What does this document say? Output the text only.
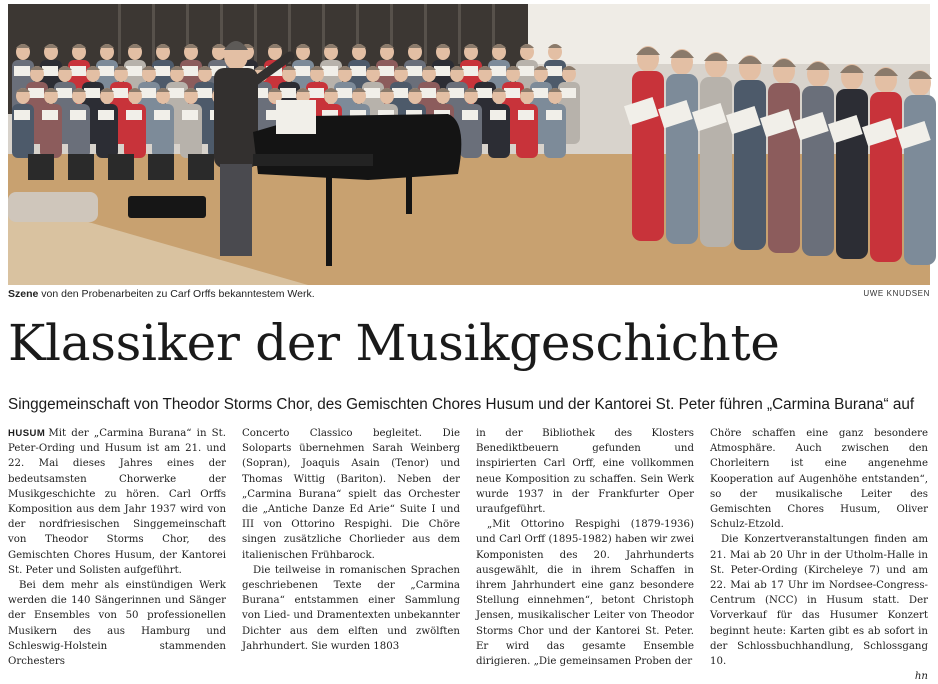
Szene von den Probenarbeiten zu Carf Orffs bekanntestem Werk.	UWE KNUDSEN
Klassiker der Musikgeschichte
Singgemeinschaft von Theodor Storms Chor, des Gemischten Chores Husum und der Kantorei St. Peter führen „Carmina Burana“ auf

HUSUM Mit der „Carmina Burana“ in St. Peter-Ording und Husum ist am 21. und 22. Mai dieses Jahres eines der bedeutsamsten Chorwerke der Musikgeschichte zu hören. Carl Orffs Komposition aus dem Jahr 1937 wird von der nordfriesischen Singgemeinschaft von Theodor Storms Chor, des Gemischten Chores Husum, der Kantorei St. Peter und Solisten aufgeführt.

Bei dem mehr als einstündigen Werk werden die 140 Sängerinnen und Sänger der Ensembles von 50 professionellen Musikern des aus Hamburg und Schleswig-Holstein stammenden Orchesters

Concerto Classico begleitet. Die Soloparts übernehmen Sarah Weinberg (Sopran), Joaquis Asain (Tenor) und Thomas Wittig (Bariton). Neben der „Carmina Burana“ spielt das Orchester die „Antiche Danze Ed Arie“ Suite I und III von Ottorino Respighi. Die Chöre singen zusätzliche Chorlieder aus dem italienischen Frühbarock.

Die teilweise in romanischen Sprachen geschriebenen Texte der „Carmina Burana“ entstammen einer Sammlung von Lied- und Dramentexten unbekannter Dichter aus dem elften und zwölften Jahrhundert. Sie wurden 1803

in der Bibliothek des Klosters Benediktbeuern gefunden und inspirierten Carl Orff, eine vollkommen neue Komposition zu schaffen. Sein Werk wurde 1937 in der Frankfurter Oper uraufgeführt.

„Mit Ottorino Respighi (1879-1936) und Carl Orff (1895-1982) haben wir zwei Komponisten des 20. Jahrhunderts ausgewählt, die in ihrem Schaffen in ihrem Jahrhundert eine ganz besondere Stellung einnehmen“, betont Christoph Jensen, musikalischer Leiter von Theodor Storms Chor und der Kantorei St. Peter. Er wird das gesamte Ensemble dirigieren. „Die gemeinsamen Proben der

Chöre schaffen eine ganz besondere Atmosphäre. Auch zwischen den Chorleitern ist eine angenehme Kooperation auf Augenhöhe entstanden“, so der musikalische Leiter des Gemischten Chores Husum, Oliver Schulz-Etzold.

Die Konzertveranstaltungen finden am 21. Mai ab 20 Uhr in der Utholm-Halle in St. Peter-Ording (Kircheleye 7) und am 22. Mai ab 17 Uhr im Nordsee-Congress-Centrum (NCC) in Husum statt. Der Vorverkauf für das Husumer Konzert beginnt heute: Karten gibt es ab sofort in der Schlossbuchhandlung, Schlossgang 10.

hn
